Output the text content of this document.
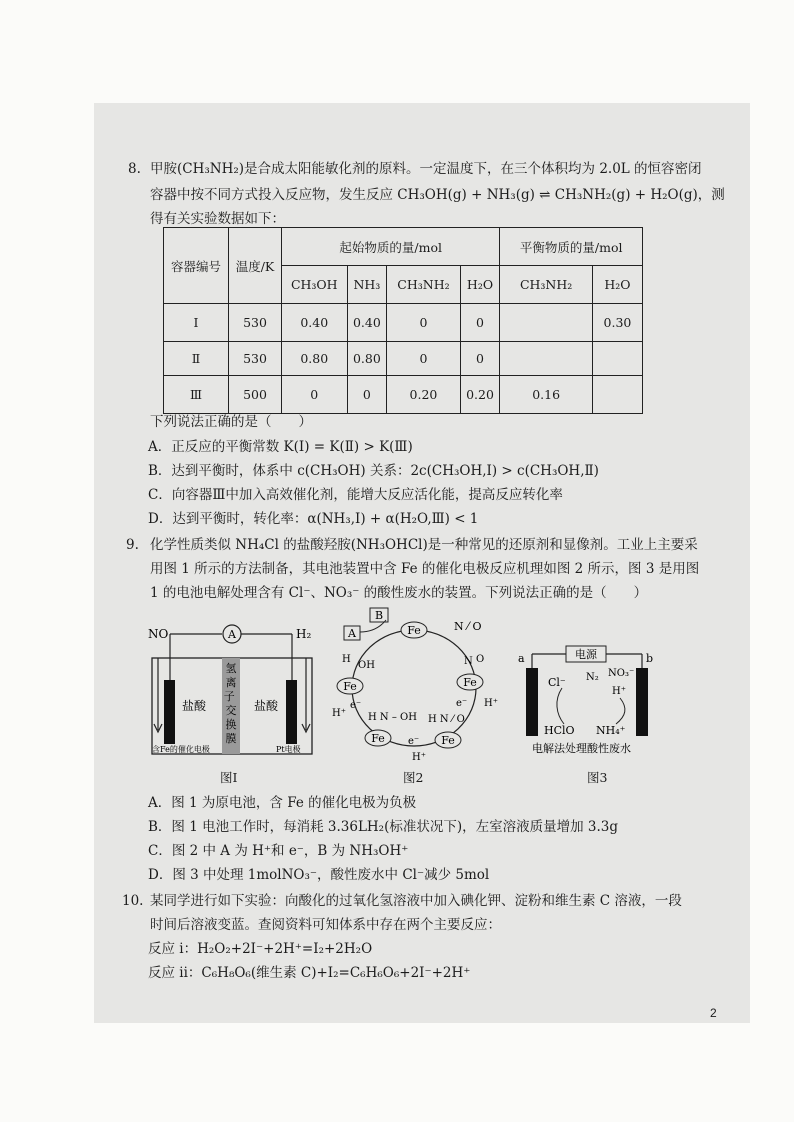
8. 甲胺(CH₃NH₂)是合成太阳能敏化剂的原料。一定温度下，在三个体积均为 2.0L 的恒容密闭
容器中按不同方式投入反应物，发生反应 CH₃OH(g) + NH₃(g) ⇌ CH₃NH₂(g) + H₂O(g)，测
得有关实验数据如下：
容器编号	温度/K	起始物质的量/mol				平衡物质的量/mol	
		CH₃OH	NH₃	CH₃NH₂	H₂O	CH₃NH₂	H₂O
Ⅰ	530	0.40	0.40	0	0		0.30
Ⅱ	530	0.80	0.80	0	0		
Ⅲ	500	0	0	0.20	0.20	0.16	
下列说法正确的是（　　）
A．正反应的平衡常数 K(Ⅰ) = K(Ⅱ) > K(Ⅲ)
B．达到平衡时，体系中 c(CH₃OH) 关系：2c(CH₃OH,Ⅰ) > c(CH₃OH,Ⅱ)
C．向容器Ⅲ中加入高效催化剂，能增大反应活化能，提高反应转化率
D．达到平衡时，转化率：α(NH₃,Ⅰ) + α(H₂O,Ⅲ) < 1
9. 化学性质类似 NH₄Cl 的盐酸羟胺(NH₃OHCl)是一种常见的还原剂和显像剂。工业上主要采
用图 1 所示的方法制备，其电池装置中含 Fe 的催化电极反应机理如图 2 所示，图 3 是用图
1 的电池电解处理含有 Cl⁻、NO₃⁻ 的酸性废水的装置。下列说法正确的是（　　）
NO	A	H₂
氢离子 交换膜
盐酸	盐酸
含Fe的催化电极	Pt电极
图Ⅰ
A
B
Fe	N ⁄ O
Fe
N O
e⁻ H⁺
Fe
H N ⁄ O
e⁻
H⁺
Fe
H N – OH
Fe
H⁺
e⁻
H
OH
图2
a	b
电源
Cl⁻ N₂ NO₃⁻
H⁺
HClO NH₄⁺
电解法处理酸性废水
图3
A．图 1 为原电池，含 Fe 的催化电极为负极
B．图 1 电池工作时，每消耗 3.36LH₂(标准状况下)，左室溶液质量增加 3.3g
C．图 2 中 A 为 H⁺和 e⁻，B 为 NH₃OH⁺
D．图 3 中处理 1molNO₃⁻，酸性废水中 Cl⁻减少 5mol
10. 某同学进行如下实验：向酸化的过氧化氢溶液中加入碘化钾、淀粉和维生素 C 溶液，一段
时间后溶液变蓝。查阅资料可知体系中存在两个主要反应：
反应 i：H₂O₂+2I⁻+2H⁺=I₂+2H₂O
反应 ii：C₆H₈O₆(维生素 C)+I₂=C₆H₆O₆+2I⁻+2H⁺
2
